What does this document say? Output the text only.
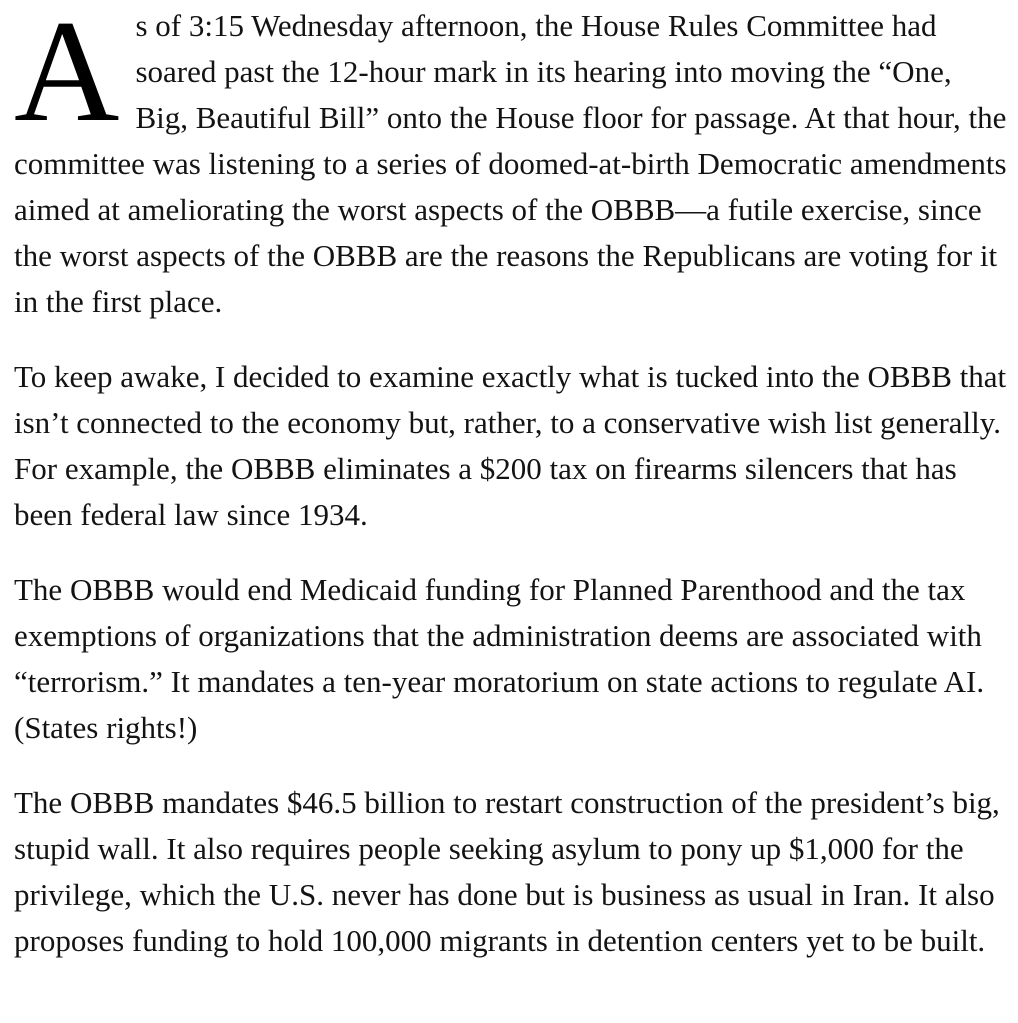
As of 3:15 Wednesday afternoon, the House Rules Committee had soared past the 12-hour mark in its hearing into moving the “One, Big, Beautiful Bill” onto the House floor for passage. At that hour, the committee was listening to a series of doomed-at-birth Democratic amendments aimed at ameliorating the worst aspects of the OBBB—a futile exercise, since the worst aspects of the OBBB are the reasons the Republicans are voting for it in the first place.

To keep awake, I decided to examine exactly what is tucked into the OBBB that isn’t connected to the economy but, rather, to a conservative wish list generally. For example, the OBBB eliminates a $200 tax on firearms silencers that has been federal law since 1934.

The OBBB would end Medicaid funding for Planned Parenthood and the tax exemptions of organizations that the administration deems are associated with “terrorism.” It mandates a ten-year moratorium on state actions to regulate AI. (States rights!)

The OBBB mandates $46.5 billion to restart construction of the president’s big, stupid wall. It also requires people seeking asylum to pony up $1,000 for the privilege, which the U.S. never has done but is business as usual in Iran. It also proposes funding to hold 100,000 migrants in detention centers yet to be built.
